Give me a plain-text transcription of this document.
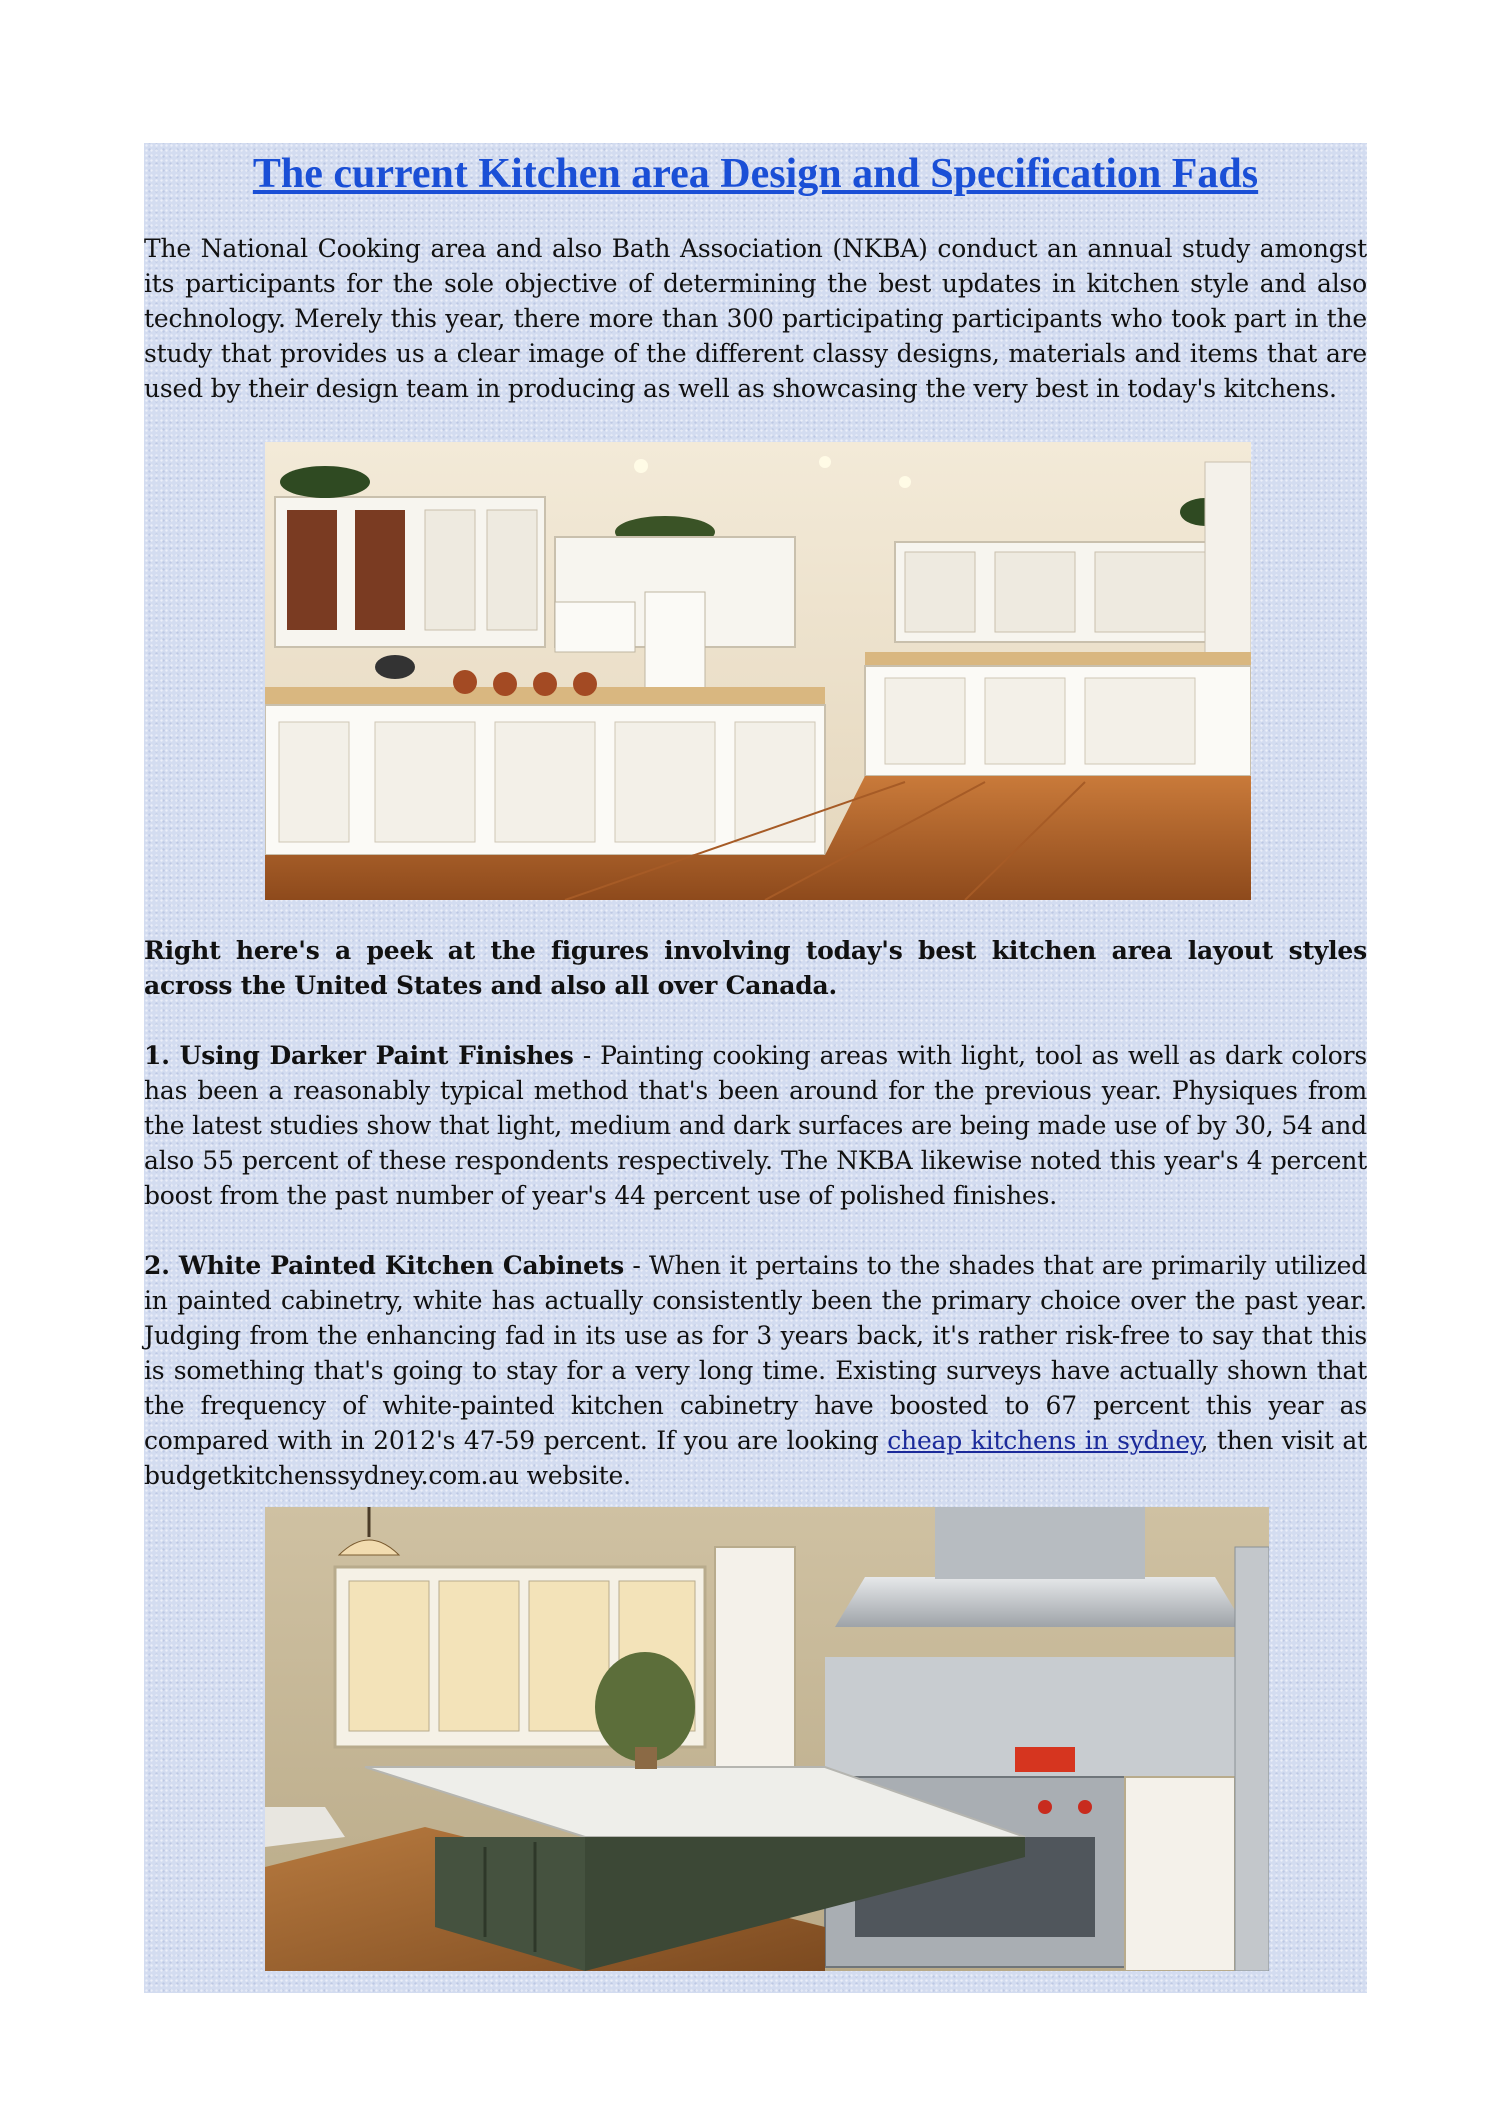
The current Kitchen area Design and Specification Fads

The National Cooking area and also Bath Association (NKBA) conduct an annual study amongst its participants for the sole objective of determining the best updates in kitchen style and also technology. Merely this year, there more than 300 participating participants who took part in the study that provides us a clear image of the different classy designs, materials and items that are used by their design team in producing as well as showcasing the very best in today's kitchens.

Right here's a peek at the figures involving today's best kitchen area layout styles across the United States and also all over Canada.

1. Using Darker Paint Finishes - Painting cooking areas with light, tool as well as dark colors has been a reasonably typical method that's been around for the previous year. Physiques from the latest studies show that light, medium and dark surfaces are being made use of by 30, 54 and also 55 percent of these respondents respectively. The NKBA likewise noted this year's 4 percent boost from the past number of year's 44 percent use of polished finishes.

2. White Painted Kitchen Cabinets - When it pertains to the shades that are primarily utilized in painted cabinetry, white has actually consistently been the primary choice over the past year. Judging from the enhancing fad in its use as for 3 years back, it's rather risk-free to say that this is something that's going to stay for a very long time. Existing surveys have actually shown that the frequency of white-painted kitchen cabinetry have boosted to 67 percent this year as compared with in 2012's 47-59 percent. If you are looking cheap kitchens in sydney, then visit at budgetkitchenssydney.com.au website.
